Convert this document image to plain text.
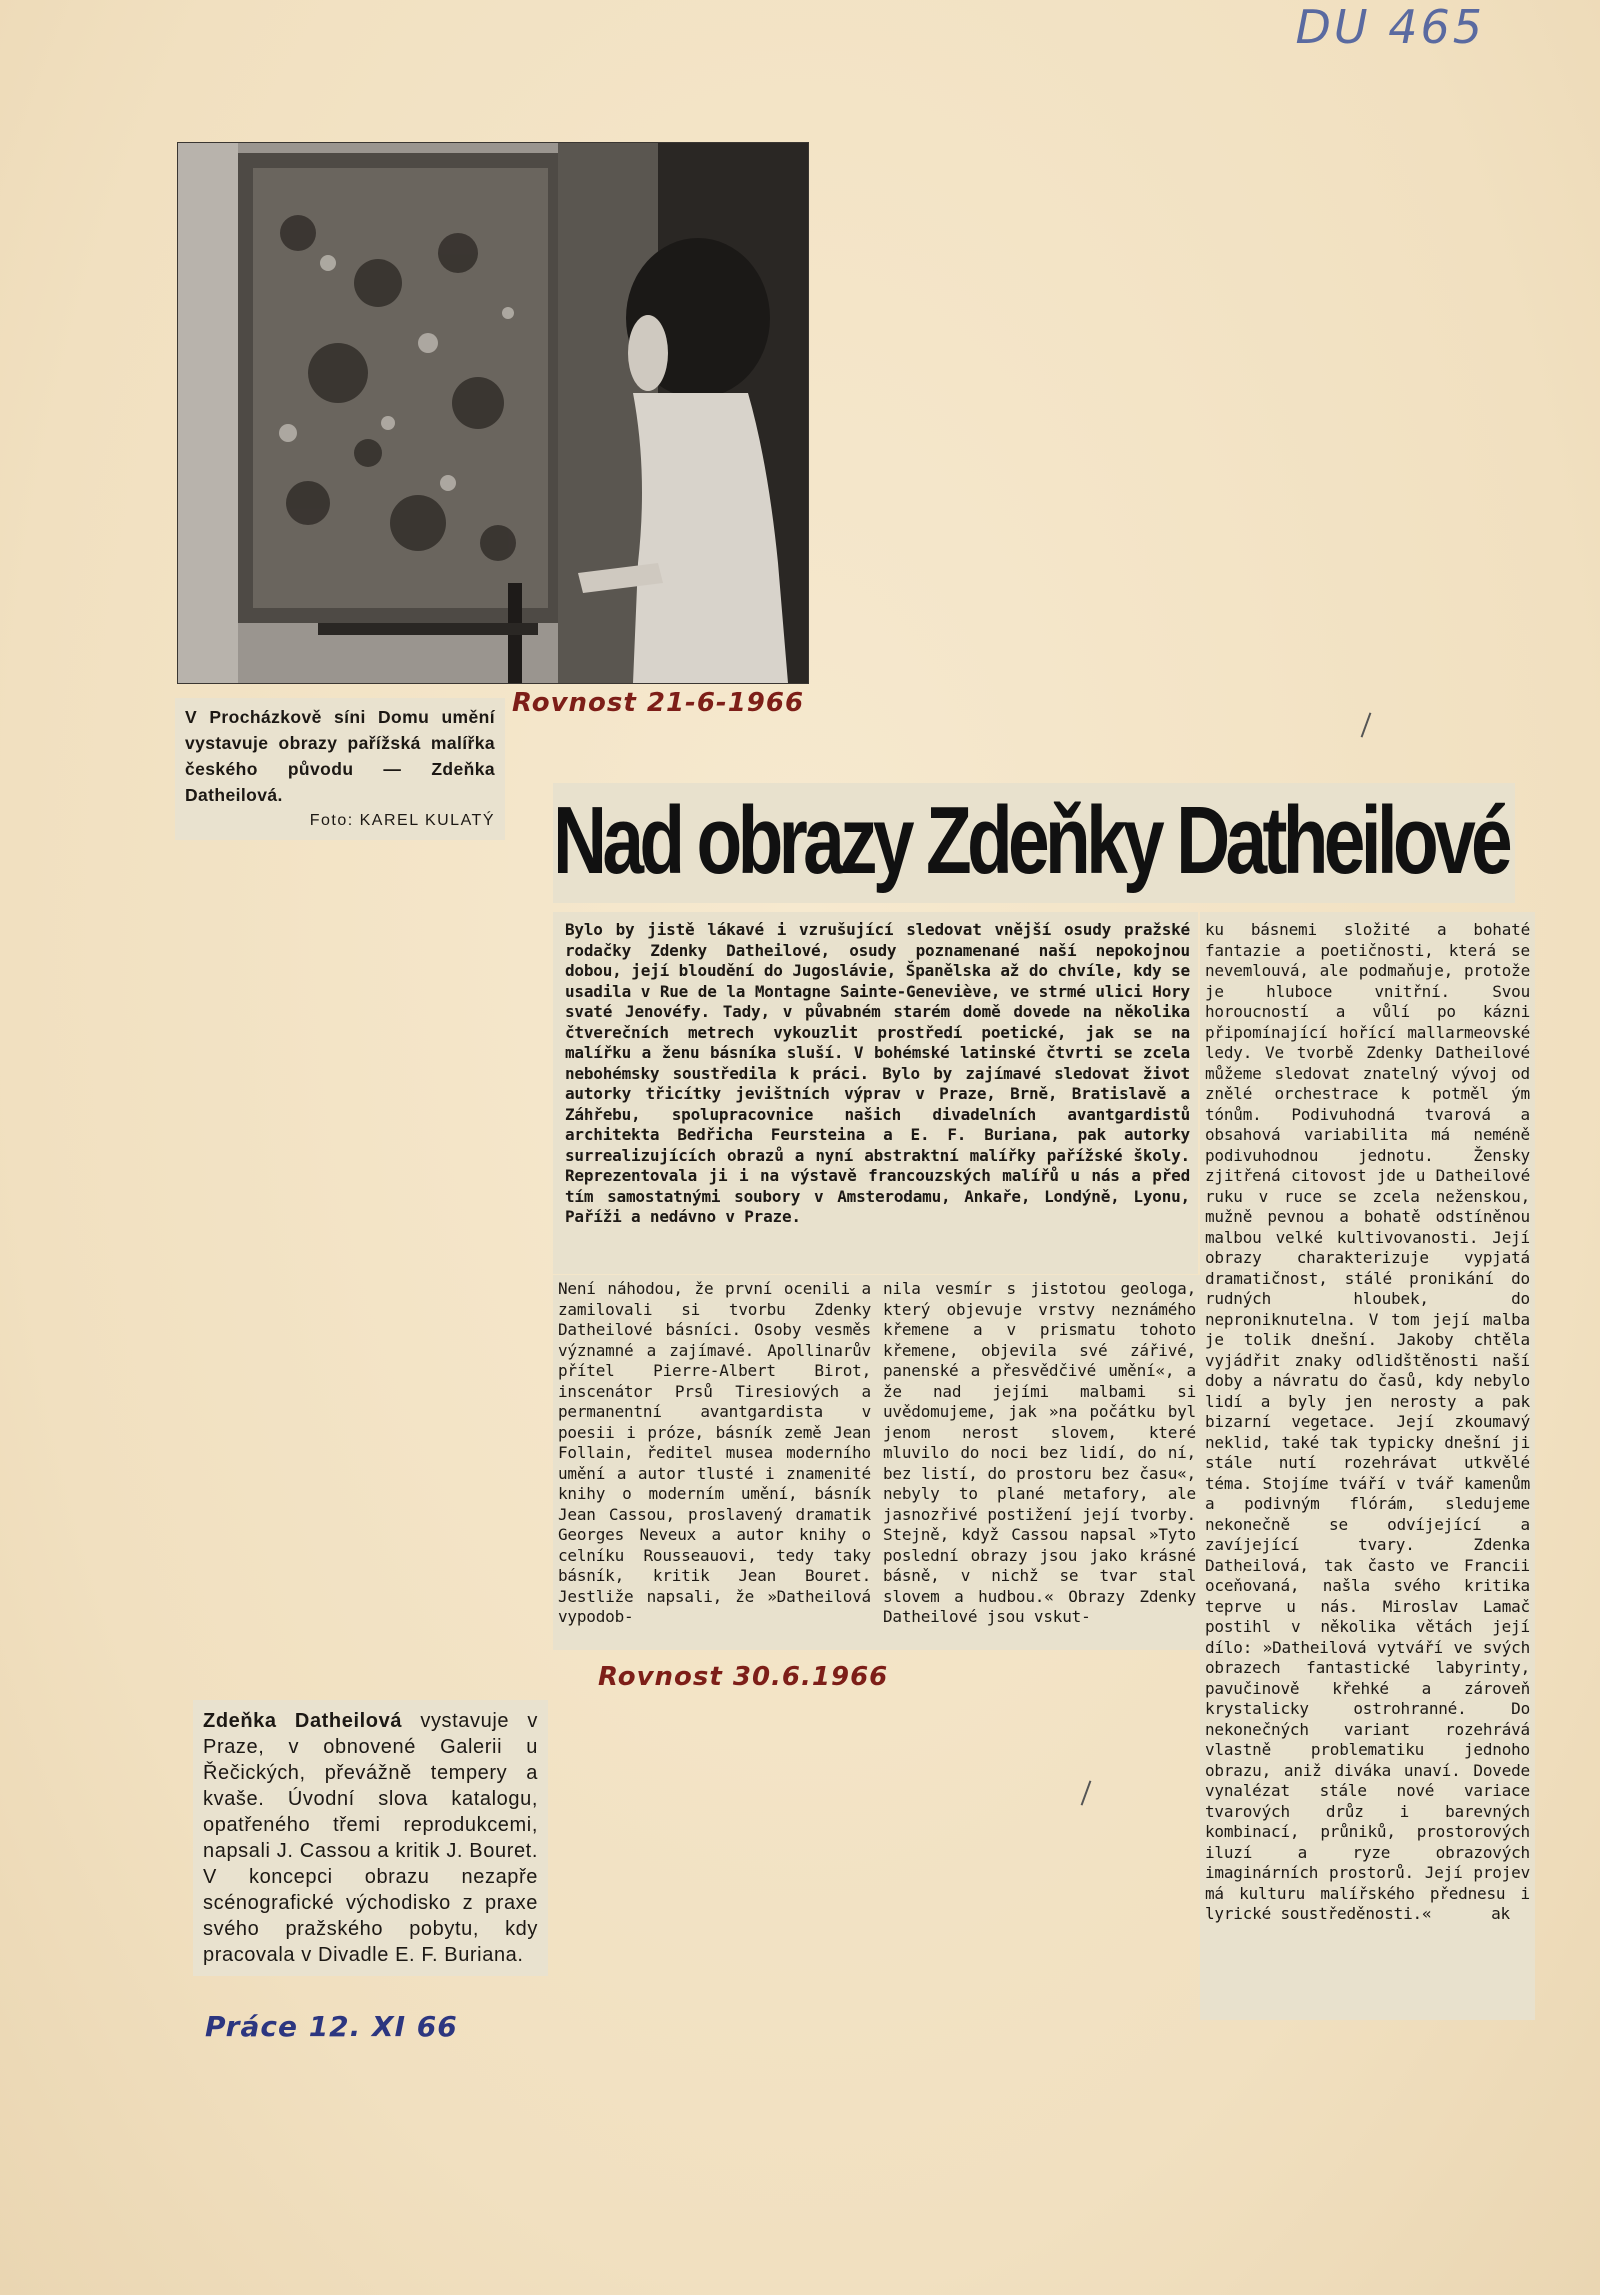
DU 465
V Procházkově síni Domu umění vystavuje obrazy pařížská malířka českého původu — Zdeňka Datheilová.
Foto: KAREL KULATÝ
Rovnost 21-6-1966
Nad obrazy Zdeňky Datheilové
Bylo by jistě lákavé i vzrušující sledovat vnější osudy pražské rodačky Zdenky Datheilové, osudy poznamenané naší nepokojnou dobou, její bloudění do Jugoslávie, Španělska až do chvíle, kdy se usadila v Rue de la Montagne Sainte-Geneviève, ve strmé ulici Hory svaté Jenovéfy. Tady, v půvabném starém domě dovede na několika čtverečních metrech vykouzlit prostředí poetické, jak se na malířku a ženu básníka sluší. V bohémské latinské čtvrti se zcela nebohémsky soustředila k práci. Bylo by zajímavé sledovat život autorky třicítky jevištních výprav v Praze, Brně, Bratislavě a Záhřebu, spolupracovnice našich divadelních avantgardistů architekta Bedřicha Feursteina a E. F. Buriana, pak autorky surrealizujících obrazů a nyní abstraktní malířky pařížské školy. Reprezentovala ji i na výstavě francouzských malířů u nás a před tím samostatnými soubory v Amsterodamu, Ankaře, Londýně, Lyonu, Paříži a nedávno v Praze.
Není náhodou, že první ocenili a zamilovali si tvorbu Zdenky Datheilové básníci. Osoby vesměs významné a zajímavé. Apollinarův přítel Pierre-Albert Birot, inscenátor Prsů Tiresiových a permanentní avantgardista v poesii i próze, básník země Jean Follain, ředitel musea moderního umění a autor tlusté i znamenité knihy o moderním umění, básník Jean Cassou, proslavený dramatik Georges Neveux a autor knihy o celníku Rousseauovi, tedy taky básník, kritik Jean Bouret. Jestliže napsali, že »Datheilová vypodob-
nila vesmír s jistotou geologa, který objevuje vrstvy neznámého křemene a v prismatu tohoto křemene, objevila své zářivé, panenské a přesvědčivé umění«, a že nad jejími malbami si uvědomujeme, jak »na počátku byl jenom nerost slovem, které mluvilo do noci bez lidí, do ní, bez listí, do prostoru bez času«, nebyly to plané metafory, ale jasnozřivé postižení její tvorby. Stejně, když Cassou napsal »Tyto poslední obrazy jsou jako krásné básně, v nichž se tvar stal slovem a hudbou.« Obrazy Zdenky Datheilové jsou vskut-
ku básnemi složité a bohaté fantazie a poetičnosti, která se nevemlouvá, ale podmaňuje, protože je hluboce vnitřní. Svou horoucností a vůlí po kázni připomínající hořící mallarmeovské ledy. Ve tvorbě Zdenky Datheilové můžeme sledovat znatelný vývoj od znělé orchestrace k potměl ým tónům. Podivuhodná tvarová a obsahová variabilita má neméně podivuhodnou jednotu. Žensky zjitřená citovost jde u Datheilové ruku v ruce se zcela neženskou, mužně pevnou a bohatě odstíněnou malbou velké kultivovanosti. Její obrazy charakterizuje vypjatá dramatičnost, stálé pronikání do rudných hloubek, do neproniknutelna. V tom její malba je tolik dnešní. Jakoby chtěla vyjádřit znaky odlidštěnosti naší doby a návratu do časů, kdy nebylo lidí a byly jen nerosty a pak bizarní vegetace. Její zkoumavý neklid, také tak typicky dnešní ji stále nutí rozehrávat utkvělé téma. Stojíme tváří v tvář kamenům a podivným flórám, sledujeme nekonečně se odvíjející a zavíjející tvary. Zdenka Datheilová, tak často ve Francii oceňovaná, našla svého kritika teprve u nás. Miroslav Lamač postihl v několika větách její dílo: »Datheilová vytváří ve svých obrazech fantastické labyrinty, pavučinově křehké a zároveň krystalicky ostrohranné. Do nekonečných variant rozehrává vlastně problematiku jednoho obrazu, aniž diváka unaví. Dovede vynalézat stále nové variace tvarových drůz i barevných kombinací, průniků, prostorových iluzí a ryze obrazových imaginárních prostorů. Její projev má kulturu malířského přednesu i lyrické soustředěnosti.«	ak
Rovnost 30.6.1966
Zdeňka Datheilová vystavuje v Praze, v obnovené Galerii u Řečických, převážně tempery a kvaše. Úvodní slova katalogu, opatřeného třemi reprodukcemi, napsali J. Cassou a kritik J. Bouret. V koncepci obrazu nezapře scénografické východisko z praxe svého pražského pobytu, kdy pracovala v Divadle E. F. Buriana.
Práce 12. XI 66
